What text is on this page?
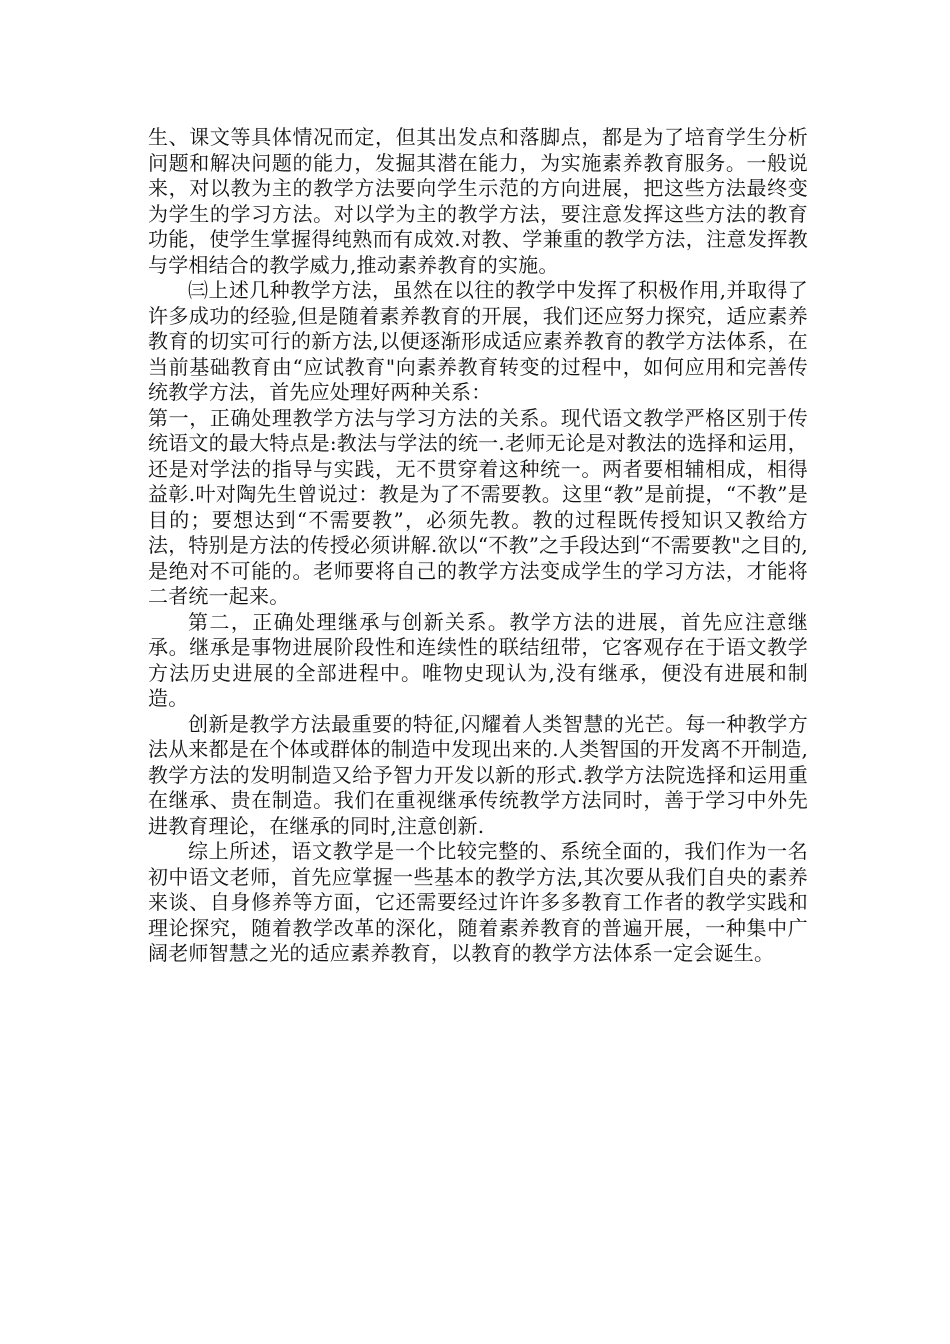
生、课文等具体情况而定，但其出发点和落脚点，都是为了培育学生分析问题和解决问题的能力，发掘其潜在能力，为实施素养教育服务。一般说来，对以教为主的教学方法要向学生示范的方向进展，把这些方法最终变为学生的学习方法。对以学为主的教学方法，要注意发挥这些方法的教育功能，使学生掌握得纯熟而有成效.对教、学兼重的教学方法，注意发挥教与学相结合的教学威力,推动素养教育的实施。

㈢上述几种教学方法，虽然在以往的教学中发挥了积极作用,并取得了许多成功的经验,但是随着素养教育的开展，我们还应努力探究，适应素养教育的切实可行的新方法,以便逐渐形成适应素养教育的教学方法体系，在当前基础教育由“应试教育"向素养教育转变的过程中，如何应用和完善传统教学方法，首先应处理好两种关系：

第一，正确处理教学方法与学习方法的关系。现代语文教学严格区别于传统语文的最大特点是:教法与学法的统一.老师无论是对教法的选择和运用，还是对学法的指导与实践，无不贯穿着这种统一。两者要相辅相成，相得益彰.叶对陶先生曾说过：教是为了不需要教。这里“教”是前提，“不教”是目的；要想达到“不需要教”，必须先教。教的过程既传授知识又教给方法，特别是方法的传授必须讲解.欲以“不教”之手段达到“不需要教"之目的,是绝对不可能的。老师要将自己的教学方法变成学生的学习方法，才能将二者统一起来。

第二，正确处理继承与创新关系。教学方法的进展，首先应注意继承。继承是事物进展阶段性和连续性的联结纽带，它客观存在于语文教学方法历史进展的全部进程中。唯物史现认为,没有继承，便没有进展和制造。

创新是教学方法最重要的特征,闪耀着人类智慧的光芒。每一种教学方法从来都是在个体或群体的制造中发现出来的.人类智国的开发离不开制造,教学方法的发明制造又给予智力开发以新的形式.教学方法院选择和运用重在继承、贵在制造。我们在重视继承传统教学方法同时，善于学习中外先进教育理论，在继承的同时,注意创新.

综上所述，语文教学是一个比较完整的、系统全面的，我们作为一名初中语文老师，首先应掌握一些基本的教学方法,其次要从我们自央的素养来谈、自身修养等方面，它还需要经过许许多多教育工作者的教学实践和理论探究，随着教学改革的深化，随着素养教育的普遍开展，一种集中广阔老师智慧之光的适应素养教育，以教育的教学方法体系一定会诞生。
